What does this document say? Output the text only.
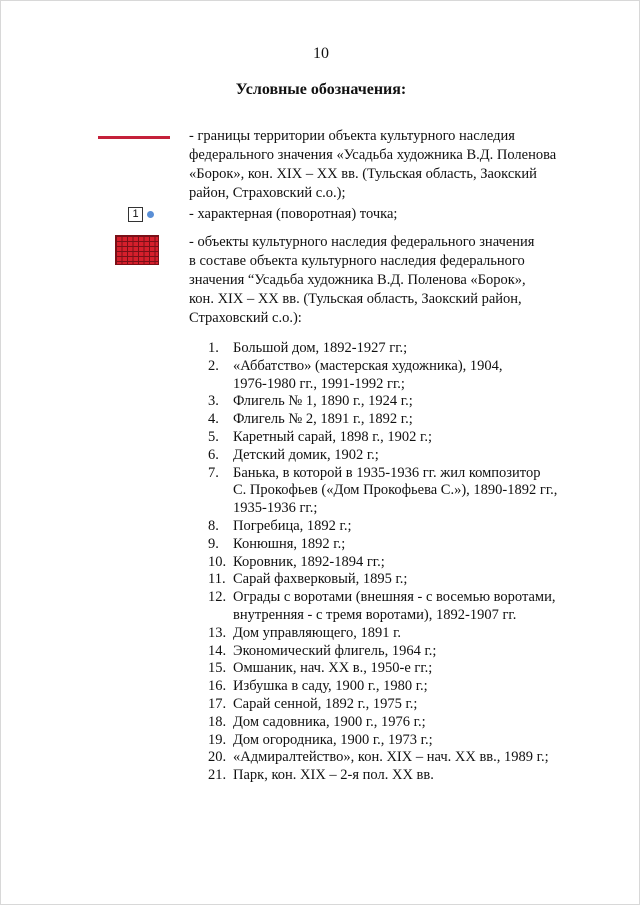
10
Условные обозначения:
- границы территории объекта культурного наследия
федерального значения «Усадьба художника В.Д. Поленова
«Борок», кон. XIX – XX вв. (Тульская область, Заокский
район, Страховский с.о.);
1	- характерная (поворотная) точка;
- объекты культурного наследия федерального значения
в составе объекта культурного наследия федерального
значения “Усадьба художника В.Д. Поленова «Борок»,
кон. XIX – XX вв. (Тульская область, Заокский район,
Страховский с.о.):
1. Большой дом, 1892-1927 гг.;
2. «Аббатство» (мастерская художника), 1904,
1976-1980 гг., 1991-1992 гг.;
3. Флигель № 1, 1890 г., 1924 г.;
4. Флигель № 2, 1891 г., 1892 г.;
5. Каретный сарай, 1898 г., 1902 г.;
6. Детский домик, 1902 г.;
7. Банька, в которой в 1935-1936 гг. жил композитор
С. Прокофьев («Дом Прокофьева С.»), 1890-1892 гг.,
1935-1936 гг.;
8. Погребица, 1892 г.;
9. Конюшня, 1892 г.;
10. Коровник, 1892-1894 гг.;
11. Сарай фахверковый, 1895 г.;
12. Ограды с воротами (внешняя - с восемью воротами,
внутренняя - с тремя воротами), 1892-1907 гг.
13. Дом управляющего, 1891 г.
14. Экономический флигель, 1964 г.;
15. Омшаник, нач. XX в., 1950-е гг.;
16. Избушка в саду, 1900 г., 1980 г.;
17. Сарай сенной, 1892 г., 1975 г.;
18. Дом садовника, 1900 г., 1976 г.;
19. Дом огородника, 1900 г., 1973 г.;
20. «Адмиралтейство», кон. XIX – нач. XX вв., 1989 г.;
21. Парк, кон. XIX – 2-я пол. XX вв.
